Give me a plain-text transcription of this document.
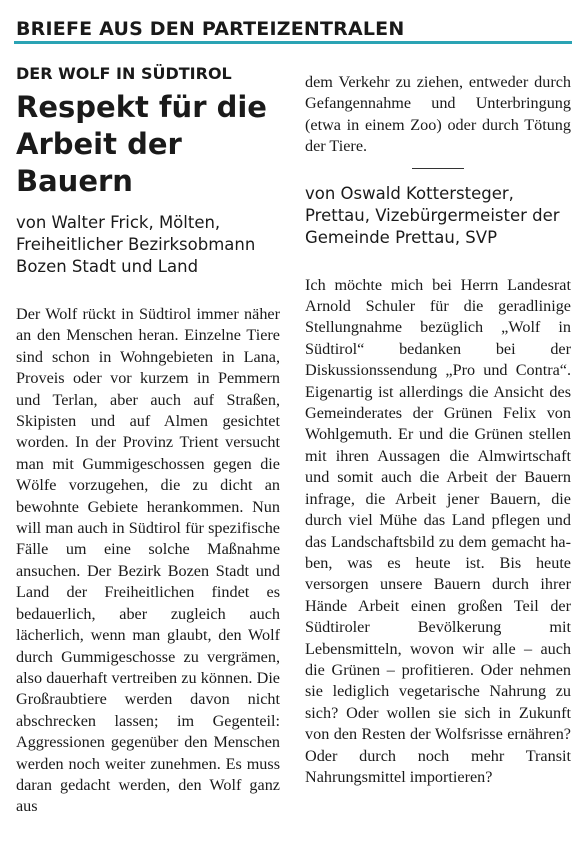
BRIEFE AUS DEN PARTEIZENTRALEN
DER WOLF IN SÜDTIROL
Respekt für die Arbeit der Bauern
von Walter Frick, Mölten, Freiheitlicher Bezirksobmann Bozen Stadt und Land

Der Wolf rückt in Südtirol immer näher an den Menschen heran. Einzelne Tiere sind schon in Wohngebieten in Lana, Proveis oder vor kurzem in Pemmern und Terlan, aber auch auf Straßen, Skipisten und auf Almen gesichtet worden. In der Provinz Trient versucht man mit Gummigeschossen gegen die Wölfe vorzugehen, die zu dicht an bewohnte Gebiete herankommen. Nun will man auch in Südtirol für spezifische Fälle um eine solche Maßnahme ansuchen. Der Bezirk Bozen Stadt und Land der Freiheitlichen findet es bedauerlich, aber zugleich auch lächerlich, wenn man glaubt, den Wolf durch Gummigeschosse zu vergrämen, also dauerhaft vertreiben zu können. Die Großraubtiere werden davon nicht abschrecken lassen; im Gegenteil: Aggressionen gegenüber den Menschen werden noch weiter zunehmen. Es muss daran gedacht werden, den Wolf ganz aus

dem Verkehr zu ziehen, entweder durch Gefangennahme und Unterbringung (etwa in einem Zoo) oder durch Tötung der Tiere.

von Oswald Kottersteger, Prettau, Vizebürgermeister der Gemeinde Prettau, SVP

Ich möchte mich bei Herrn Landesrat Arnold Schuler für die geradlinige Stellungnahme bezüglich „Wolf in Südtirol“ bedanken bei der Diskussionssendung „Pro und Contra“. Eigenartig ist allerdings die Ansicht des Gemeinderates der Grünen Felix von Wohlgemuth. Er und die Grünen stellen mit ihren Aussagen die Almwirtschaft und somit auch die Arbeit der Bauern infrage, die Arbeit jener Bauern, die durch viel Mühe das Land pflegen und das Landschaftsbild zu dem gemacht haben, was es heute ist. Bis heute versorgen unsere Bauern durch ihrer Hände Arbeit einen großen Teil der Südtiroler Bevölkerung mit Lebensmitteln, wovon wir alle – auch die Grünen – profitieren. Oder nehmen sie lediglich vegetarische Nahrung zu sich? Oder wollen sie sich in Zukunft von den Resten der Wolfsrisse ernähren? Oder durch noch mehr Transit Nahrungsmittel importieren?
